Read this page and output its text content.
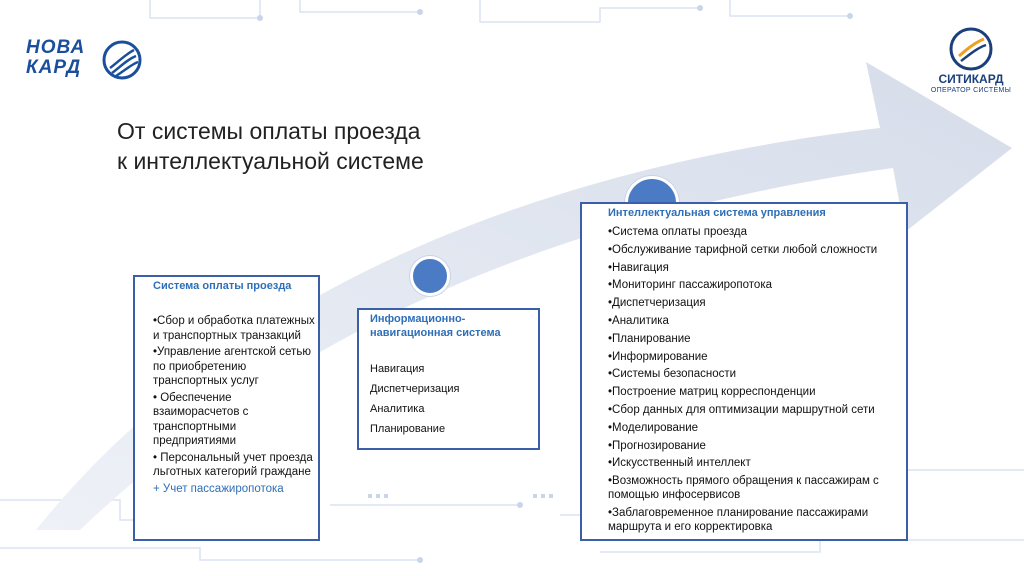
НОВА
КАРД
СИТИКАРД
ОПЕРАТОР СИСТЕМЫ
От системы оплаты проезда
к интеллектуальной системе
Система оплаты проезда
•Сбор и обработка платежных и транспортных транзакций
•Управление агентской сетью по приобретению транспортных услуг
• Обеспечение взаиморасчетов с транспортными предприятиями
• Персональный учет проезда льготных категорий граждане
+ Учет пассажиропотока
Информационно-навигационная система
Навигация
Диспетчеризация
Аналитика
Планирование
Интеллектуальная система управления
•Система оплаты проезда
•Обслуживание тарифной сетки любой сложности
•Навигация
•Мониторинг пассажиропотока
•Диспетчеризация
•Аналитика
•Планирование
•Информирование
•Системы безопасности
•Построение матриц корреспонденции
•Сбор данных для оптимизации маршрутной сети
•Моделирование
•Прогнозирование
•Искусственный интеллект
•Возможность прямого обращения к пассажирам с помощью инфосервисов
•Заблаговременное планирование пассажирами маршрута и его корректировка
